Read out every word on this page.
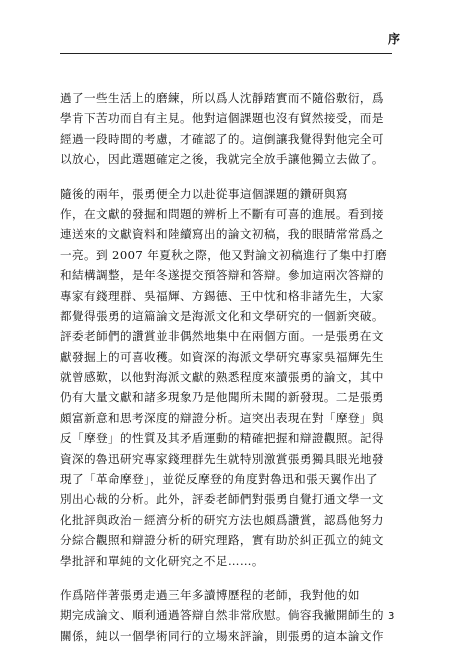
序
過了一些生活上的磨練，所以爲人沈靜踏實而不隨俗敷衍，爲
學肯下苦功而自有主見。他對這個課題也沒有貿然接受，而是
經過一段時間的考慮，才確認了的。這倒讓我覺得對他完全可
以放心，因此選題確定之後，我就完全放手讓他獨立去做了。
隨後的兩年，張勇便全力以赴從事這個課題的鑽研與寫
作，在文獻的發掘和問題的辨析上不斷有可喜的進展。看到接
連送來的文獻資料和陸續寫出的論文初稿，我的眼睛常常爲之
一亮。到 2007 年夏秋之際，他又對論文初稿進行了集中打磨
和結構調整，是年冬遂提交預答辯和答辯。參加這兩次答辯的
專家有錢理群、吳福輝、方錫德、王中忱和格非諸先生，大家
都覺得張勇的這篇論文是海派文化和文學研究的一個新突破。
評委老師們的讚賞並非偶然地集中在兩個方面。一是張勇在文
獻發掘上的可喜收穫。如資深的海派文學研究專家吳福輝先生
就曾感歎，以他對海派文獻的熟悉程度來讀張勇的論文，其中
仍有大量文獻和諸多現象乃是他聞所未聞的新發現。二是張勇
頗富新意和思考深度的辯證分析。這突出表現在對「摩登」與
反「摩登」的性質及其矛盾運動的精確把握和辯證觀照。記得
資深的魯迅研究專家錢理群先生就特別激賞張勇獨具眼光地發
現了「革命摩登」，並從反摩登的角度對魯迅和張天翼作出了
別出心裁的分析。此外，評委老師們對張勇自覺打通文學一文
化批評與政治－經濟分析的研究方法也頗爲讚賞，認爲他努力
分綜合觀照和辯證分析的研究理路，實有助於糾正孤立的純文
學批評和單純的文化研究之不足……。
作爲陪伴著張勇走過三年多讀博歷程的老師，我對他的如
期完成論文、順利通過答辯自然非常欣慰。倘容我撇開師生的
關係，純以一個學術同行的立場來評論，則張勇的這本論文作
3
